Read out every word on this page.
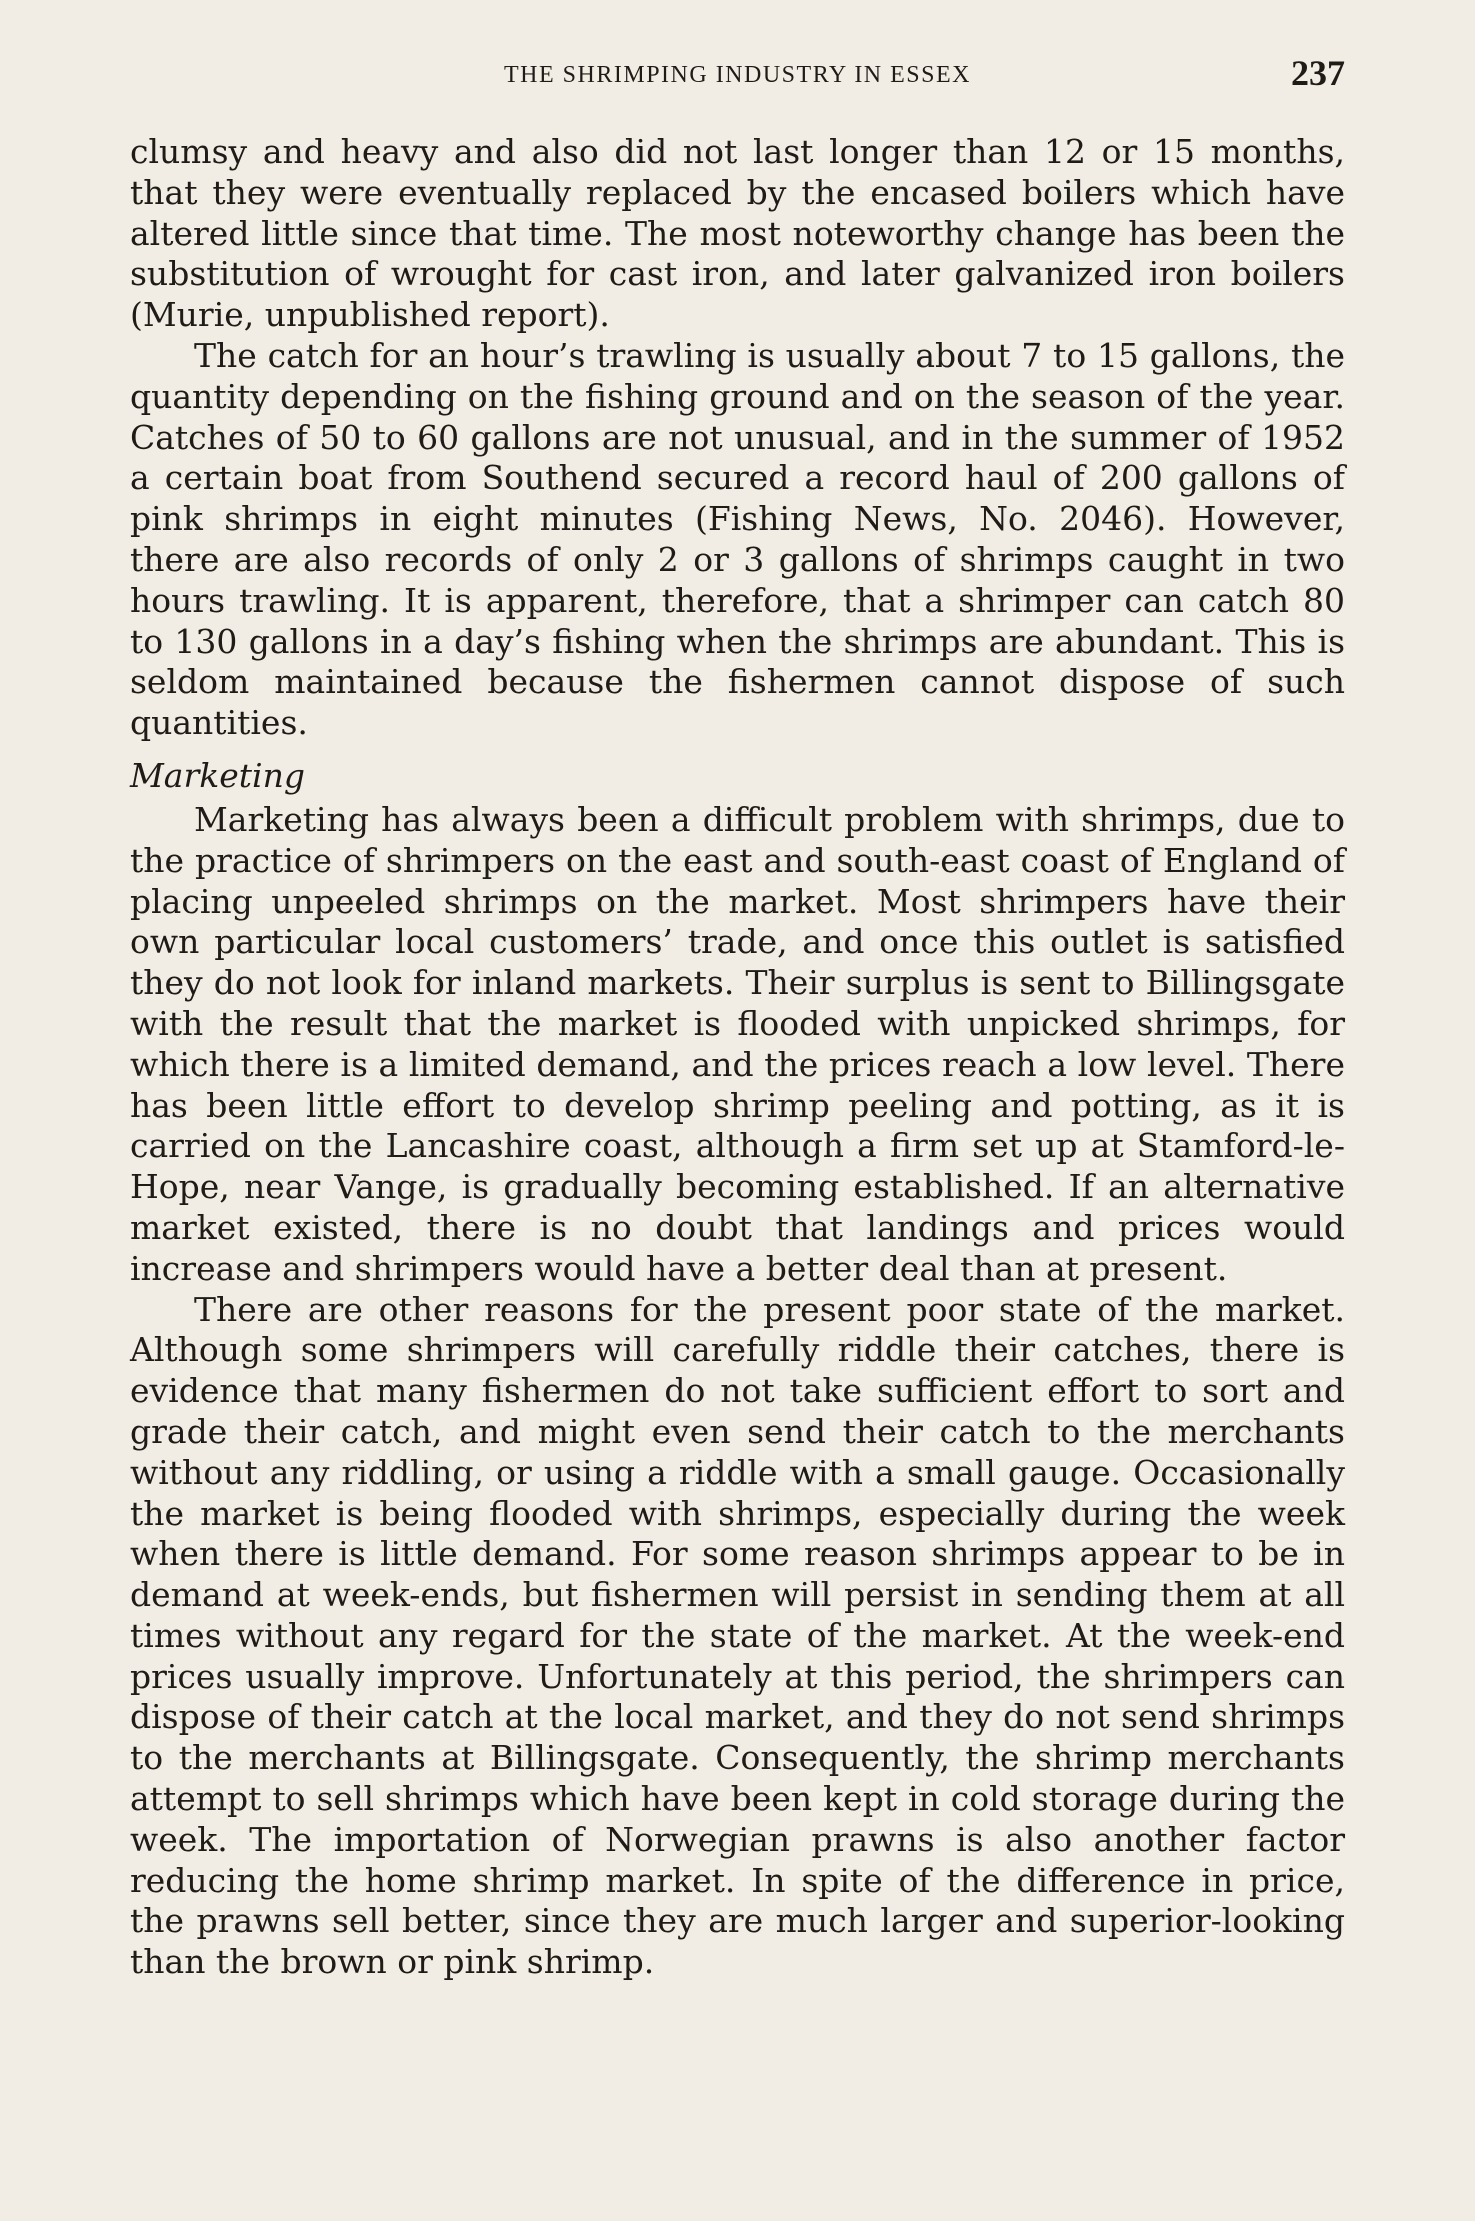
THE SHRIMPING INDUSTRY IN ESSEX	237

clumsy and heavy and also did not last longer than 12 or 15 months, that they were eventually replaced by the encased boilers which have altered little since that time. The most noteworthy change has been the substitution of wrought for cast iron, and later galvanized iron boilers (Murie, unpublished report).

The catch for an hour’s trawling is usually about 7 to 15 gallons, the quantity depending on the fishing ground and on the season of the year. Catches of 50 to 60 gallons are not unusual, and in the summer of 1952 a certain boat from Southend secured a record haul of 200 gallons of pink shrimps in eight minutes (Fishing News, No. 2046). However, there are also records of only 2 or 3 gallons of shrimps caught in two hours trawling. It is apparent, therefore, that a shrimper can catch 80 to 130 gallons in a day’s fishing when the shrimps are abundant. This is seldom maintained because the fishermen cannot dispose of such quantities.

Marketing

Marketing has always been a difficult problem with shrimps, due to the practice of shrimpers on the east and south-east coast of England of placing unpeeled shrimps on the market. Most shrimpers have their own particular local customers’ trade, and once this outlet is satisfied they do not look for inland markets. Their surplus is sent to Billingsgate with the result that the market is flooded with unpicked shrimps, for which there is a limited demand, and the prices reach a low level. There has been little effort to develop shrimp peeling and potting, as it is carried on the Lancashire coast, although a firm set up at Stamford-le-Hope, near Vange, is gradually becoming established. If an alternative market existed, there is no doubt that landings and prices would increase and shrimpers would have a better deal than at present.

There are other reasons for the present poor state of the market. Although some shrimpers will carefully riddle their catches, there is evidence that many fishermen do not take sufficient effort to sort and grade their catch, and might even send their catch to the merchants without any riddling, or using a riddle with a small gauge. Occasionally the market is being flooded with shrimps, especially during the week when there is little demand. For some reason shrimps appear to be in demand at week-ends, but fishermen will persist in sending them at all times without any regard for the state of the market. At the week-end prices usually improve. Unfortunately at this period, the shrimpers can dispose of their catch at the local market, and they do not send shrimps to the merchants at Billingsgate. Consequently, the shrimp merchants attempt to sell shrimps which have been kept in cold storage during the week. The importation of Norwegian prawns is also another factor reducing the home shrimp market. In spite of the difference in price, the prawns sell better, since they are much larger and superior-looking than the brown or pink shrimp.
